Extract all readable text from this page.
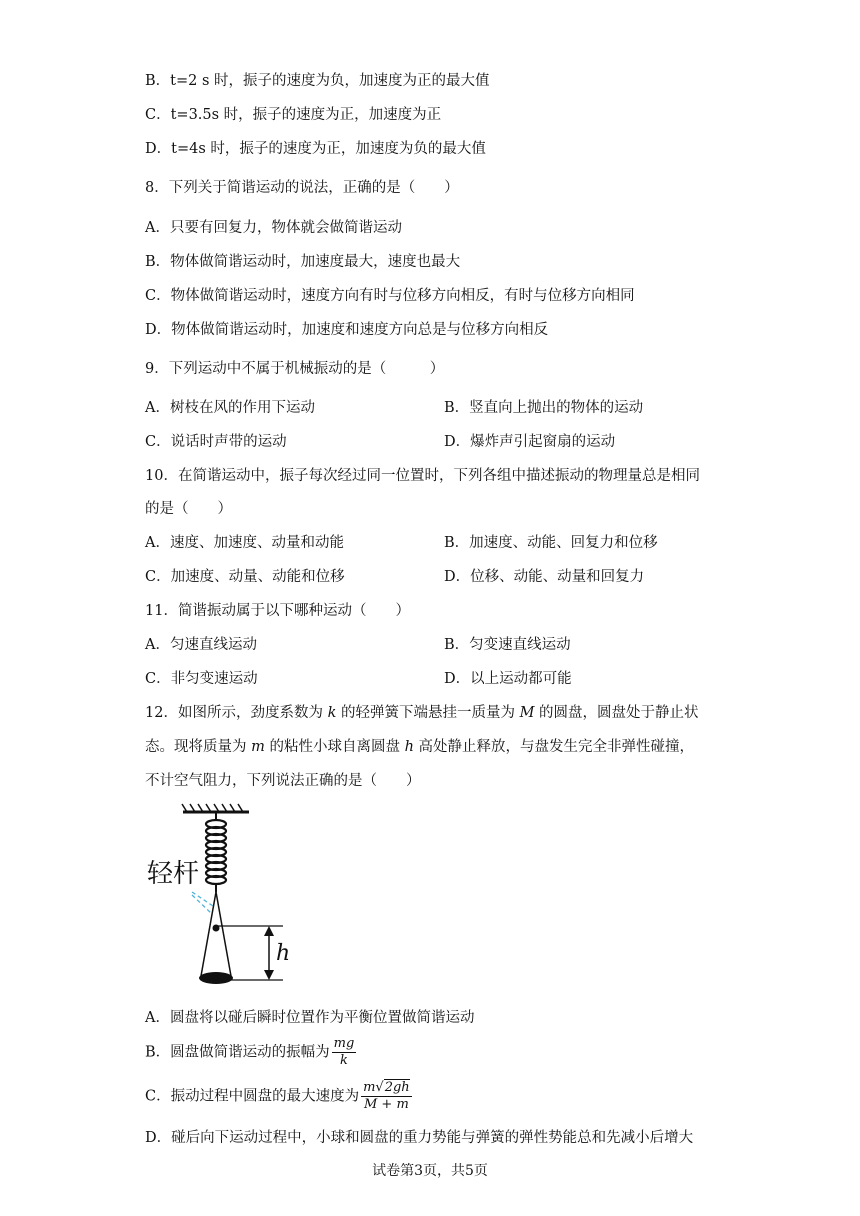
B．t=2 s 时，振子的速度为负，加速度为正的最大值
C．t=3.5s 时，振子的速度为正，加速度为正
D．t=4s 时，振子的速度为正，加速度为负的最大值
8．下列关于简谐运动的说法，正确的是（　　）
A．只要有回复力，物体就会做简谐运动
B．物体做简谐运动时，加速度最大，速度也最大
C．物体做简谐运动时，速度方向有时与位移方向相反，有时与位移方向相同
D．物体做简谐运动时，加速度和速度方向总是与位移方向相反
9．下列运动中不属于机械振动的是（　　　）
A．树枝在风的作用下运动	B．竖直向上抛出的物体的运动
C．说话时声带的运动	D．爆炸声引起窗扇的运动
10．在简谐运动中，振子每次经过同一位置时，下列各组中描述振动的物理量总是相同
的是（　　）
A．速度、加速度、动量和动能	B．加速度、动能、回复力和位移
C．加速度、动量、动能和位移	D．位移、动能、动量和回复力
11．简谐振动属于以下哪种运动（　　）
A．匀速直线运动	B．匀变速直线运动
C．非匀变速运动	D．以上运动都可能
12．如图所示，劲度系数为 k 的轻弹簧下端悬挂一质量为 M 的圆盘，圆盘处于静止状
态。现将质量为 m 的粘性小球自离圆盘 h 高处静止释放，与盘发生完全非弹性碰撞，
不计空气阻力，下列说法正确的是（　　）
轻杆
h
A．圆盘将以碰后瞬时位置作为平衡位置做简谐运动
B．圆盘做简谐运动的振幅为 $\frac{mg}{k}$
C．振动过程中圆盘的最大速度为 $\frac{m√2gh}{M + m}$
D．碰后向下运动过程中，小球和圆盘的重力势能与弹簧的弹性势能总和先减小后增大
试卷第3页，共5页
